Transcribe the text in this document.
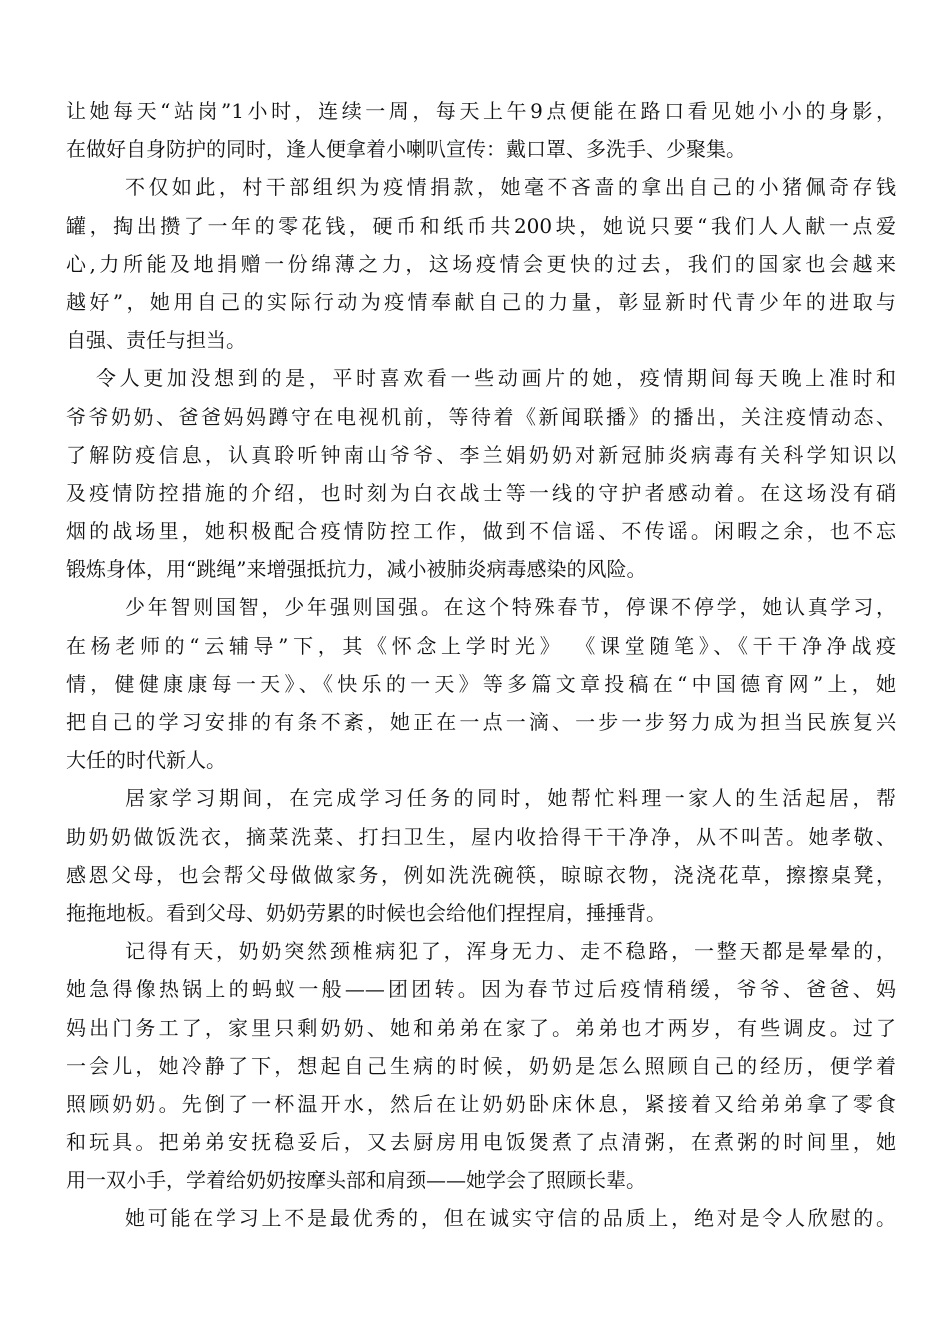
让她每天“站岗”1小时，连续一周，每天上午9点便能在路口看见她小小的身影，
在做好自身防护的同时，逢人便拿着小喇叭宣传：戴口罩、多洗手、少聚集。
不仅如此，村干部组织为疫情捐款，她毫不吝啬的拿出自己的小猪佩奇存钱
罐，掏出攒了一年的零花钱，硬币和纸币共200块，她说只要“我们人人献一点爱
心,力所能及地捐赠一份绵薄之力，这场疫情会更快的过去，我们的国家也会越来
越好”，她用自己的实际行动为疫情奉献自己的力量，彰显新时代青少年的进取与
自强、责任与担当。
令人更加没想到的是，平时喜欢看一些动画片的她，疫情期间每天晚上准时和
爷爷奶奶、爸爸妈妈蹲守在电视机前，等待着《新闻联播》的播出，关注疫情动态、
了解防疫信息，认真聆听钟南山爷爷、李兰娟奶奶对新冠肺炎病毒有关科学知识以
及疫情防控措施的介绍，也时刻为白衣战士等一线的守护者感动着。在这场没有硝
烟的战场里，她积极配合疫情防控工作，做到不信谣、不传谣。闲暇之余，也不忘
锻炼身体，用“跳绳”来增强抵抗力，减小被肺炎病毒感染的风险。
少年智则国智，少年强则国强。在这个特殊春节，停课不停学，她认真学习，
在杨老师的“云辅导”下，其《怀念上学时光》 《课堂随笔》、《干干净净战疫
情，健健康康每一天》、《快乐的一天》等多篇文章投稿在“中国德育网”上，她
把自己的学习安排的有条不紊，她正在一点一滴、一步一步努力成为担当民族复兴
大任的时代新人。
居家学习期间，在完成学习任务的同时，她帮忙料理一家人的生活起居，帮
助奶奶做饭洗衣，摘菜洗菜、打扫卫生，屋内收拾得干干净净，从不叫苦。她孝敬、
感恩父母，也会帮父母做做家务，例如洗洗碗筷，晾晾衣物，浇浇花草，擦擦桌凳，
拖拖地板。看到父母、奶奶劳累的时候也会给他们捏捏肩，捶捶背。
记得有天，奶奶突然颈椎病犯了，浑身无力、走不稳路，一整天都是晕晕的，
她急得像热锅上的蚂蚁一般——团团转。因为春节过后疫情稍缓，爷爷、爸爸、妈
妈出门务工了，家里只剩奶奶、她和弟弟在家了。弟弟也才两岁，有些调皮。过了
一会儿，她冷静了下，想起自己生病的时候，奶奶是怎么照顾自己的经历，便学着
照顾奶奶。先倒了一杯温开水，然后在让奶奶卧床休息，紧接着又给弟弟拿了零食
和玩具。把弟弟安抚稳妥后，又去厨房用电饭煲煮了点清粥，在煮粥的时间里，她
用一双小手，学着给奶奶按摩头部和肩颈——她学会了照顾长辈。
她可能在学习上不是最优秀的，但在诚实守信的品质上，绝对是令人欣慰的。
